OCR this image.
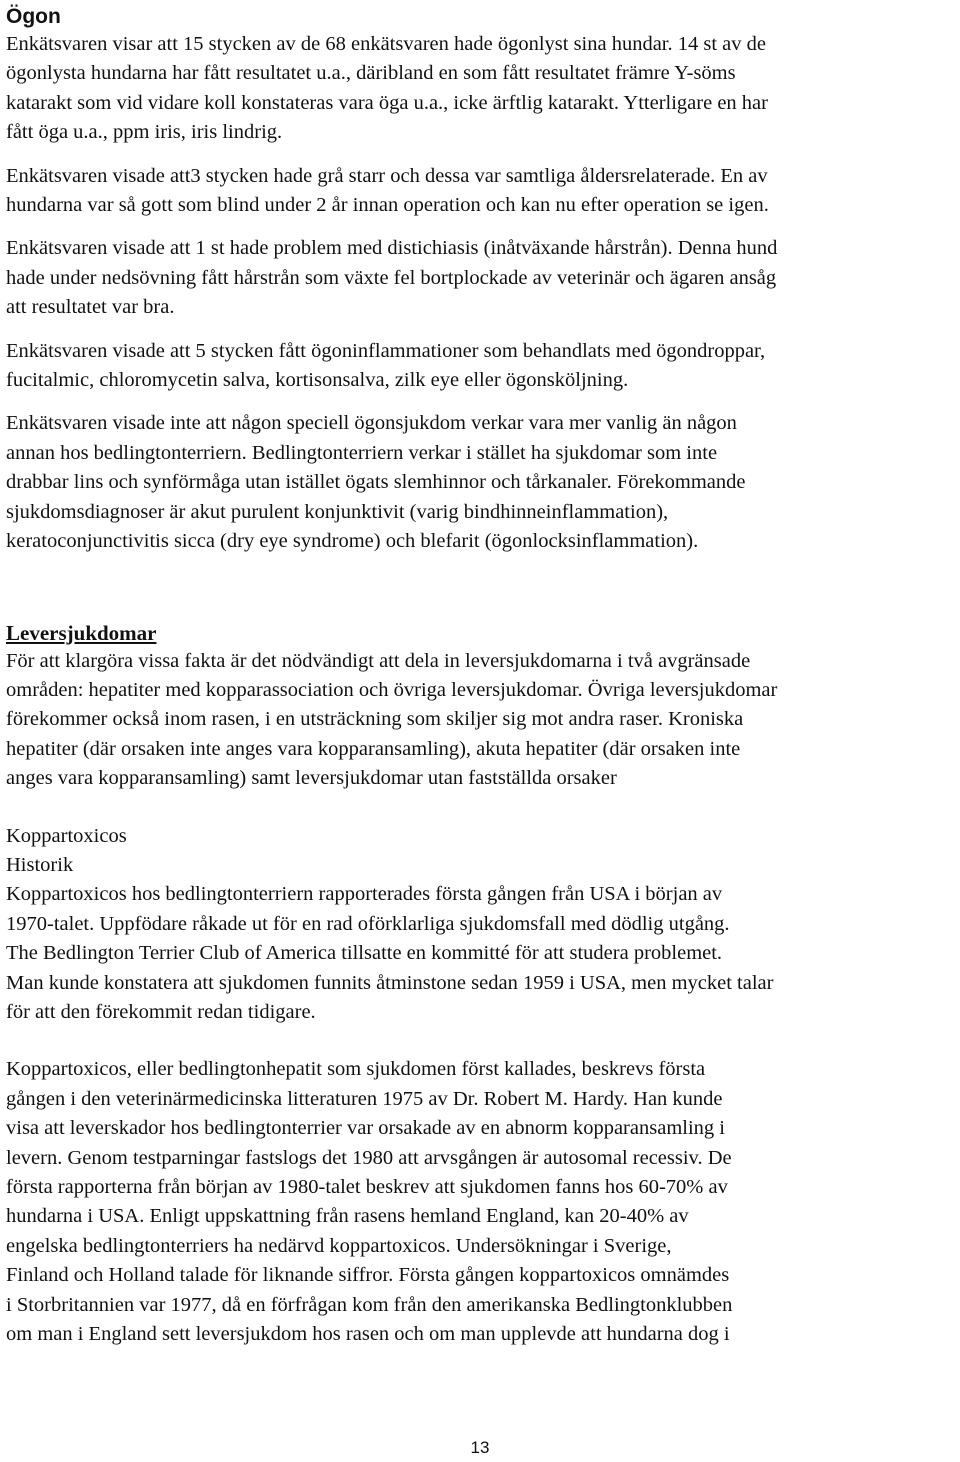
Ögon

Enkätsvaren visar att 15 stycken av de 68 enkätsvaren hade ögonlyst sina hundar. 14 st av de
ögonlysta hundarna har fått resultatet u.a., däribland en som fått resultatet främre Y-söms
katarakt som vid vidare koll konstateras vara öga u.a., icke ärftlig katarakt. Ytterligare en har
fått öga u.a., ppm iris, iris lindrig.

Enkätsvaren visade att3 stycken hade grå starr och dessa var samtliga åldersrelaterade. En av
hundarna var så gott som blind under 2 år innan operation och kan nu efter operation se igen.

Enkätsvaren visade att 1 st hade problem med distichiasis (inåtväxande hårstrån). Denna hund
hade under nedsövning fått hårstrån som växte fel bortplockade av veterinär och ägaren ansåg
att resultatet var bra.

Enkätsvaren visade att 5 stycken fått ögoninflammationer som behandlats med ögondroppar,
fucitalmic, chloromycetin salva, kortisonsalva, zilk eye eller ögonsköljning.

Enkätsvaren visade inte att någon speciell ögonsjukdom verkar vara mer vanlig än någon
annan hos bedlingtonterriern. Bedlingtonterriern verkar i stället ha sjukdomar som inte
drabbar lins och synförmåga utan istället ögats slemhinnor och tårkanaler. Förekommande
sjukdomsdiagnoser är akut purulent konjunktivit (varig bindhinneinflammation),
keratoconjunctivitis sicca (dry eye syndrome) och blefarit (ögonlocksinflammation).

Leversjukdomar

För att klargöra vissa fakta är det nödvändigt att dela in leversjukdomarna i två avgränsade
områden: hepatiter med kopparassociation och övriga leversjukdomar. Övriga leversjukdomar
förekommer också inom rasen, i en utsträckning som skiljer sig mot andra raser. Kroniska
hepatiter (där orsaken inte anges vara kopparansamling), akuta hepatiter (där orsaken inte
anges vara kopparansamling) samt leversjukdomar utan fastställda orsaker

Koppartoxicos
Historik

Koppartoxicos hos bedlingtonterriern rapporterades första gången från USA i början av
1970-talet. Uppfödare råkade ut för en rad oförklarliga sjukdomsfall med dödlig utgång.
The Bedlington Terrier Club of America tillsatte en kommitté för att studera problemet.
Man kunde konstatera att sjukdomen funnits åtminstone sedan 1959 i USA, men mycket talar
för att den förekommit redan tidigare.

Koppartoxicos, eller bedlingtonhepatit som sjukdomen först kallades, beskrevs första
gången i den veterinärmedicinska litteraturen 1975 av Dr. Robert M. Hardy. Han kunde
visa att leverskador hos bedlingtonterrier var orsakade av en abnorm kopparansamling i
levern. Genom testparningar fastslogs det 1980 att arvsgången är autosomal recessiv. De
första rapporterna från början av 1980-talet beskrev att sjukdomen fanns hos 60-70% av
hundarna i USA. Enligt uppskattning från rasens hemland England, kan 20-40% av
engelska bedlingtonterriers ha nedärvd koppartoxicos. Undersökningar i Sverige,
Finland och Holland talade för liknande siffror. Första gången koppartoxicos omnämdes
i Storbritannien var 1977, då en förfrågan kom från den amerikanska Bedlingtonklubben
om man i England sett leversjukdom hos rasen och om man upplevde att hundarna dog i

13
